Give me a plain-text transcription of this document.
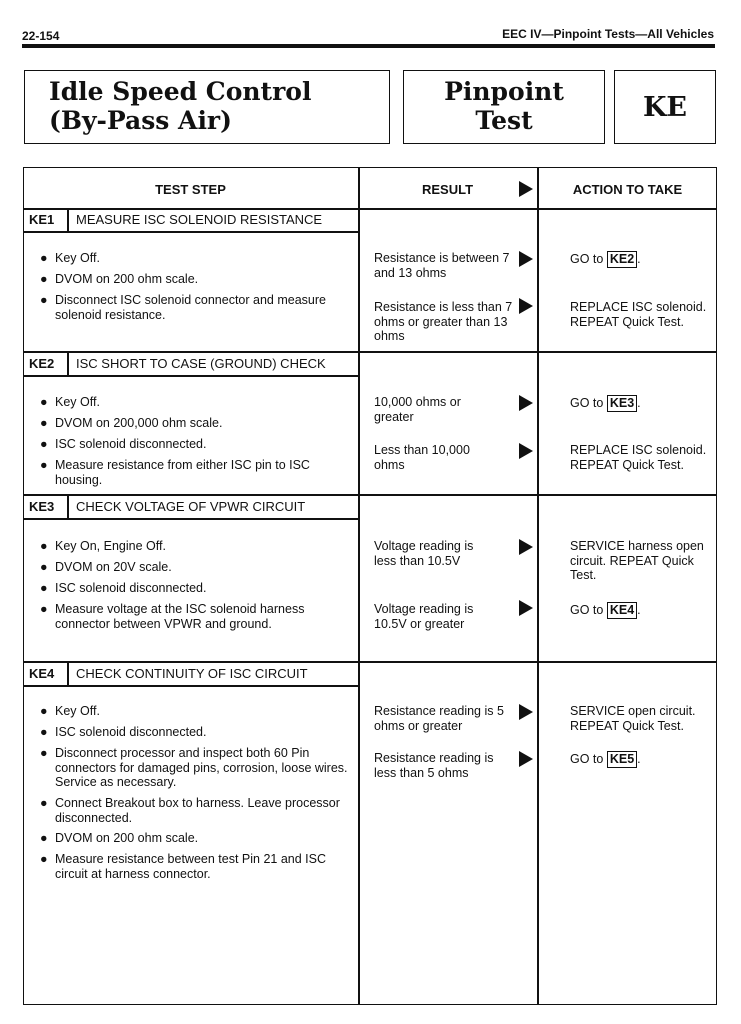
22-154	EEC IV—Pinpoint Tests—All Vehicles
Idle Speed Control
(By-Pass Air)
Pinpoint
Test	KE
TEST STEP	RESULT	ACTION TO TAKE
KE1 MEASURE ISC SOLENOID RESISTANCE
● Key Off.
● DVOM on 200 ohm scale.
● Disconnect ISC solenoid connector and measure solenoid resistance.
Resistance is between 7 and 13 ohms
GO to KE2 .
Resistance is less than 7 ohms or greater than 13 ohms
REPLACE ISC solenoid. REPEAT Quick Test.
KE2 ISC SHORT TO CASE (GROUND) CHECK
● Key Off.
● DVOM on 200,000 ohm scale.
● ISC solenoid disconnected.
● Measure resistance from either ISC pin to ISC housing.
10,000 ohms or greater
GO to KE3 .
Less than 10,000 ohms
REPLACE ISC solenoid. REPEAT Quick Test.
KE3 CHECK VOLTAGE OF VPWR CIRCUIT
● Key On, Engine Off.
● DVOM on 20V scale.
● ISC solenoid disconnected.
● Measure voltage at the ISC solenoid harness connector between VPWR and ground.
Voltage reading is less than 10.5V
SERVICE harness open circuit. REPEAT Quick Test.
Voltage reading is 10.5V or greater
GO to KE4 .
KE4 CHECK CONTINUITY OF ISC CIRCUIT
● Key Off.
● ISC solenoid disconnected.
● Disconnect processor and inspect both 60 Pin connectors for damaged pins, corrosion, loose wires. Service as necessary.
● Connect Breakout box to harness. Leave processor disconnected.
● DVOM on 200 ohm scale.
● Measure resistance between test Pin 21 and ISC circuit at harness connector.
Resistance reading is 5 ohms or greater
SERVICE open circuit. REPEAT Quick Test.
Resistance reading is less than 5 ohms
GO to KE5 .
